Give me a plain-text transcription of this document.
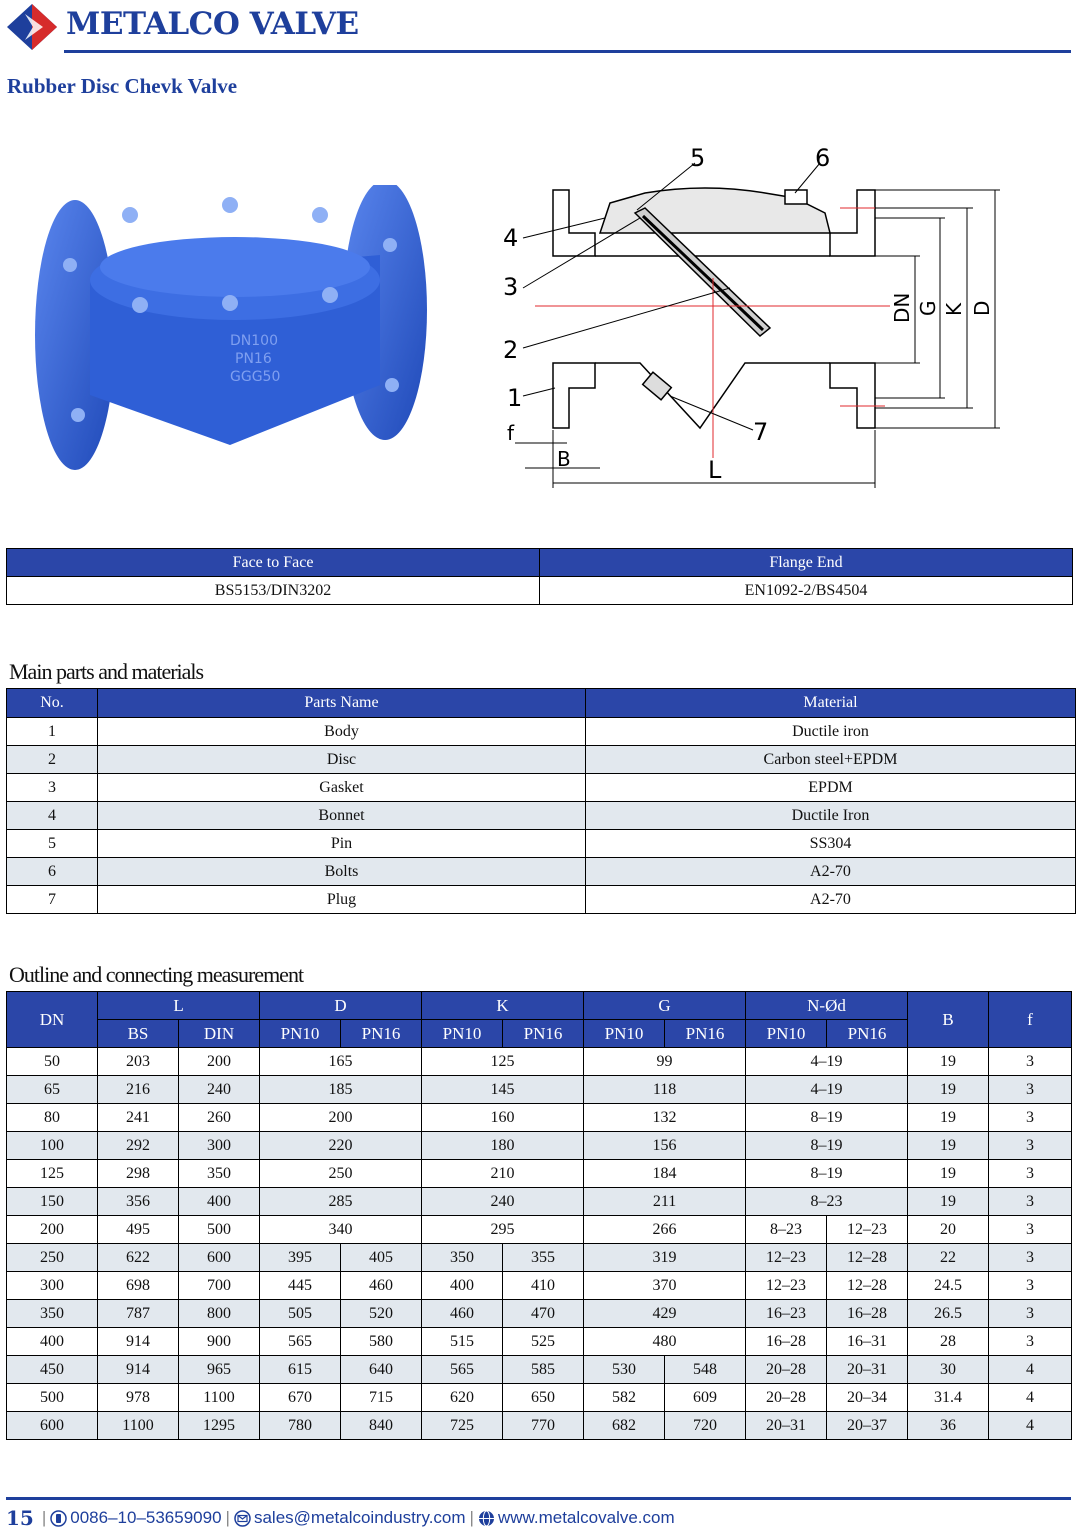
METALCO VALVE
Rubber Disc Chevk Valve
DN100
PN16
GGG50
4
3
2
1
5	6
7
L
B
f
DN G K D
Face to Face	Flange End
BS5153/DIN3202	EN1092-2/BS4504
Main parts and materials
No.	Parts Name	Material
1	Body	Ductile iron
2	Disc	Carbon steel+EPDM
3	Gasket	EPDM
4	Bonnet	Ductile Iron
5	Pin	SS304
6	Bolts	A2-70
7	Plug	A2-70
Outline and connecting measurement
DN	L		D		K		G		N-Ød		B	f
	BS	DIN	PN10	PN16	PN10	PN16	PN10	PN16	PN10	PN16		
50	203	200	165		125		99		4–19		19	3
65	216	240	185		145		118		4–19		19	3
80	241	260	200		160		132		8–19		19	3
100	292	300	220		180		156		8–19		19	3
125	298	350	250		210		184		8–19		19	3
150	356	400	285		240		211		8–23		19	3
200	495	500	340		295		266		8–23	12–23	20	3
250	622	600	395	405	350	355	319		12–23	12–28	22	3
300	698	700	445	460	400	410	370		12–23	12–28	24.5	3
350	787	800	505	520	460	470	429		16–23	16–28	26.5	3
400	914	900	565	580	515	525	480		16–28	16–31	28	3
450	914	965	615	640	565	585	530	548	20–28	20–31	30	4
500	978	1100	670	715	620	650	582	609	20–28	20–34	31.4	4
600	1100	1295	780	840	725	770	682	720	20–31	20–37	36	4
15 | 0086–10–53659090 | sales@metalcoindustry.com | www.metalcovalve.com
